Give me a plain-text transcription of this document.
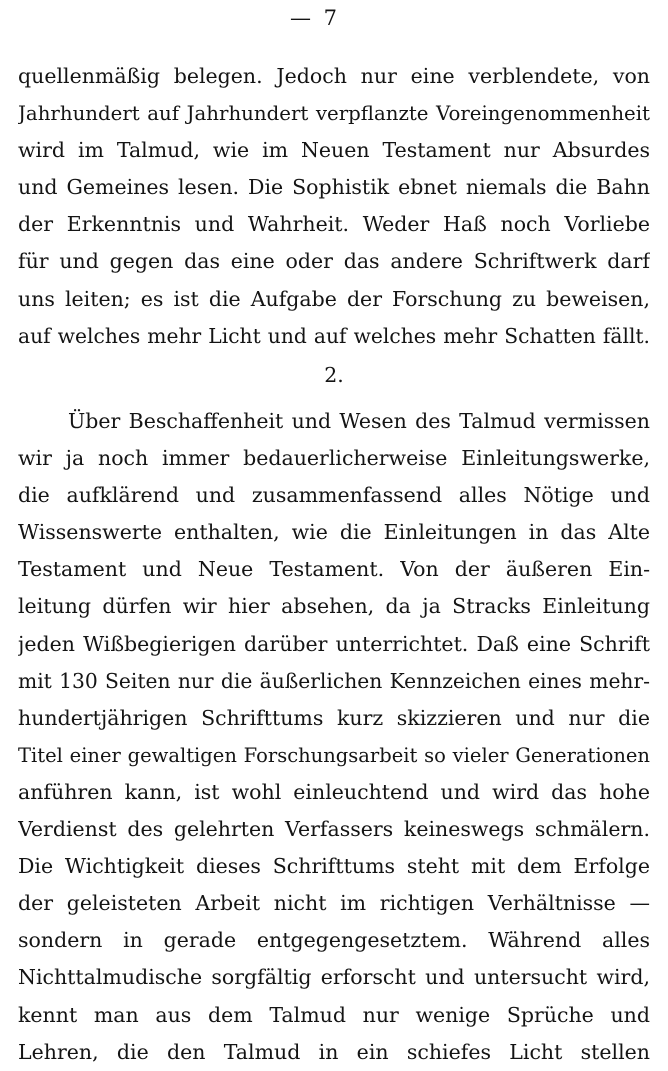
— 7
quellenmäßig belegen. Jedoch nur eine verblendete, von
Jahrhundert auf Jahrhundert verpflanzte Voreingenommenheit
wird im Talmud, wie im Neuen Testament nur Absurdes
und Gemeines lesen. Die Sophistik ebnet niemals die Bahn
der Erkenntnis und Wahrheit. Weder Haß noch Vorliebe
für und gegen das eine oder das andere Schriftwerk darf
uns leiten; es ist die Aufgabe der Forschung zu beweisen,
auf welches mehr Licht und auf welches mehr Schatten fällt.
2.
Über Beschaffenheit und Wesen des Talmud vermissen
wir ja noch immer bedauerlicherweise Einleitungswerke,
die aufklärend und zusammenfassend alles Nötige und
Wissenswerte enthalten, wie die Einleitungen in das Alte
Testament und Neue Testament. Von der äußeren Ein-
leitung dürfen wir hier absehen, da ja Stracks Einleitung
jeden Wißbegierigen darüber unterrichtet. Daß eine Schrift
mit 130 Seiten nur die äußerlichen Kennzeichen eines mehr-
hundertjährigen Schrifttums kurz skizzieren und nur die
Titel einer gewaltigen Forschungsarbeit so vieler Generationen
anführen kann, ist wohl einleuchtend und wird das hohe
Verdienst des gelehrten Verfassers keineswegs schmälern.
Die Wichtigkeit dieses Schrifttums steht mit dem Erfolge
der geleisteten Arbeit nicht im richtigen Verhältnisse —
sondern in gerade entgegengesetztem. Während alles
Nichttalmudische sorgfältig erforscht und untersucht wird,
kennt man aus dem Talmud nur wenige Sprüche und
Lehren, die den Talmud in ein schiefes Licht stellen
